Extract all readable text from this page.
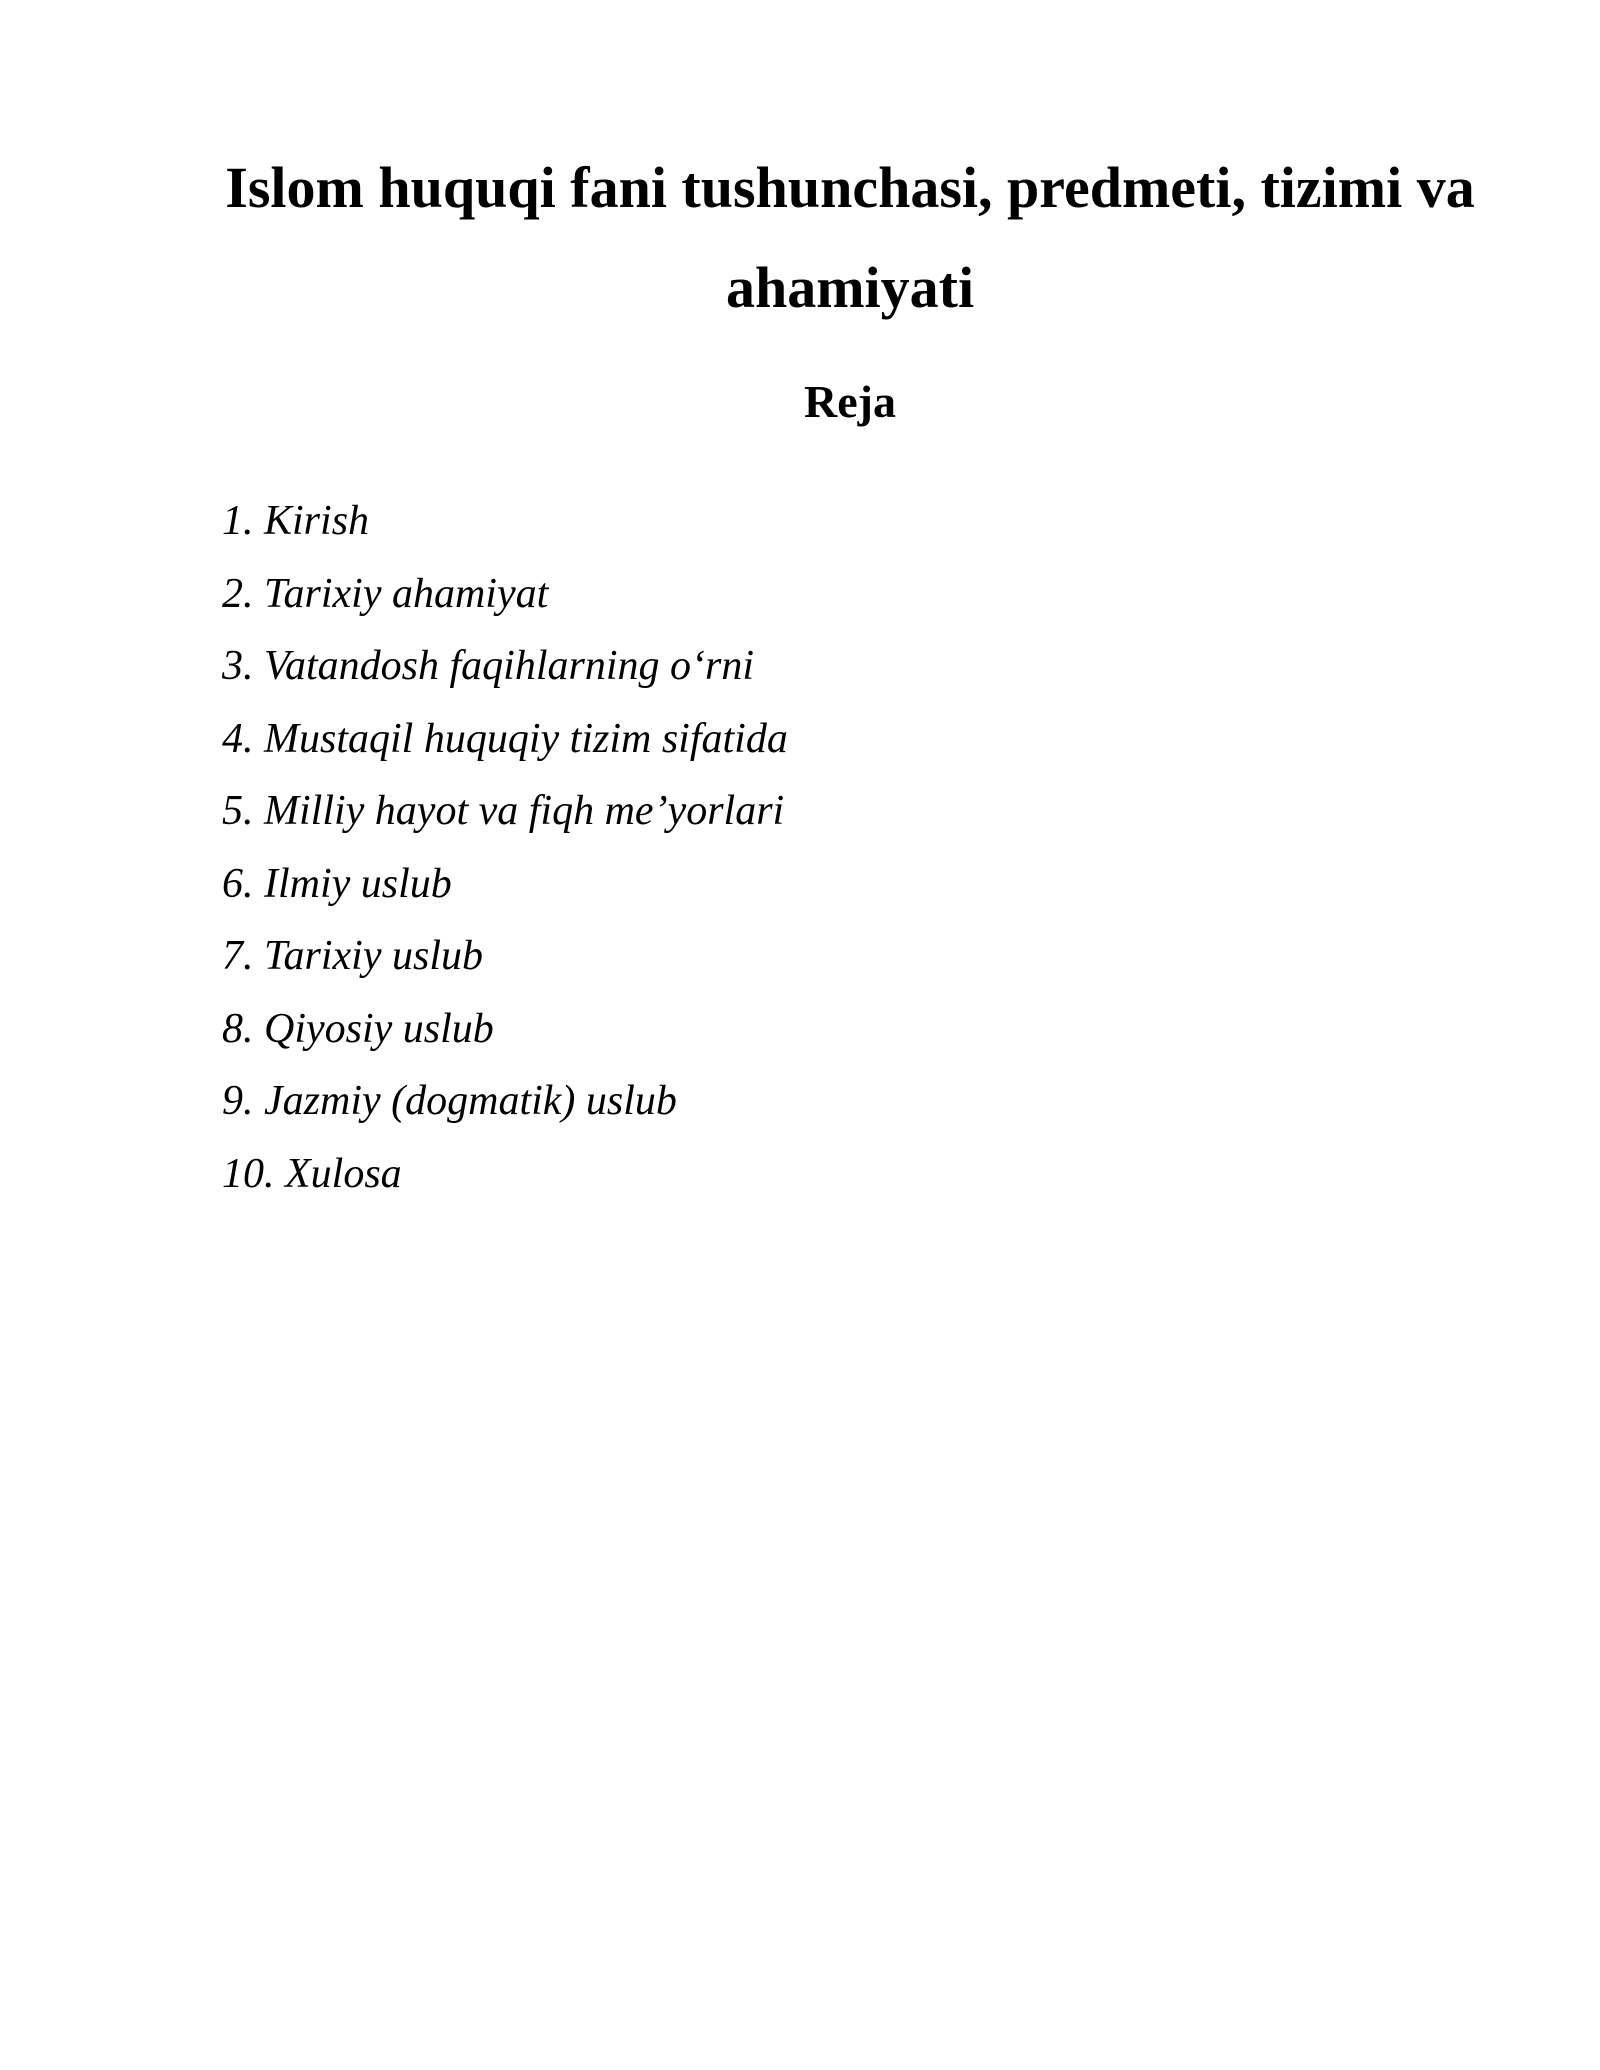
Islom huquqi fani tushunchasi, predmeti, tizimi va ahamiyati
Reja
1. Kirish
2. Tarixiy ahamiyat
3. Vatandosh faqihlarning o‘rni
4. Mustaqil huquqiy tizim sifatida
5. Milliy hayot va fiqh me’yorlari
6. Ilmiy uslub
7. Tarixiy uslub
8. Qiyosiy uslub
9. Jazmiy (dogmatik) uslub
10. Xulosa
